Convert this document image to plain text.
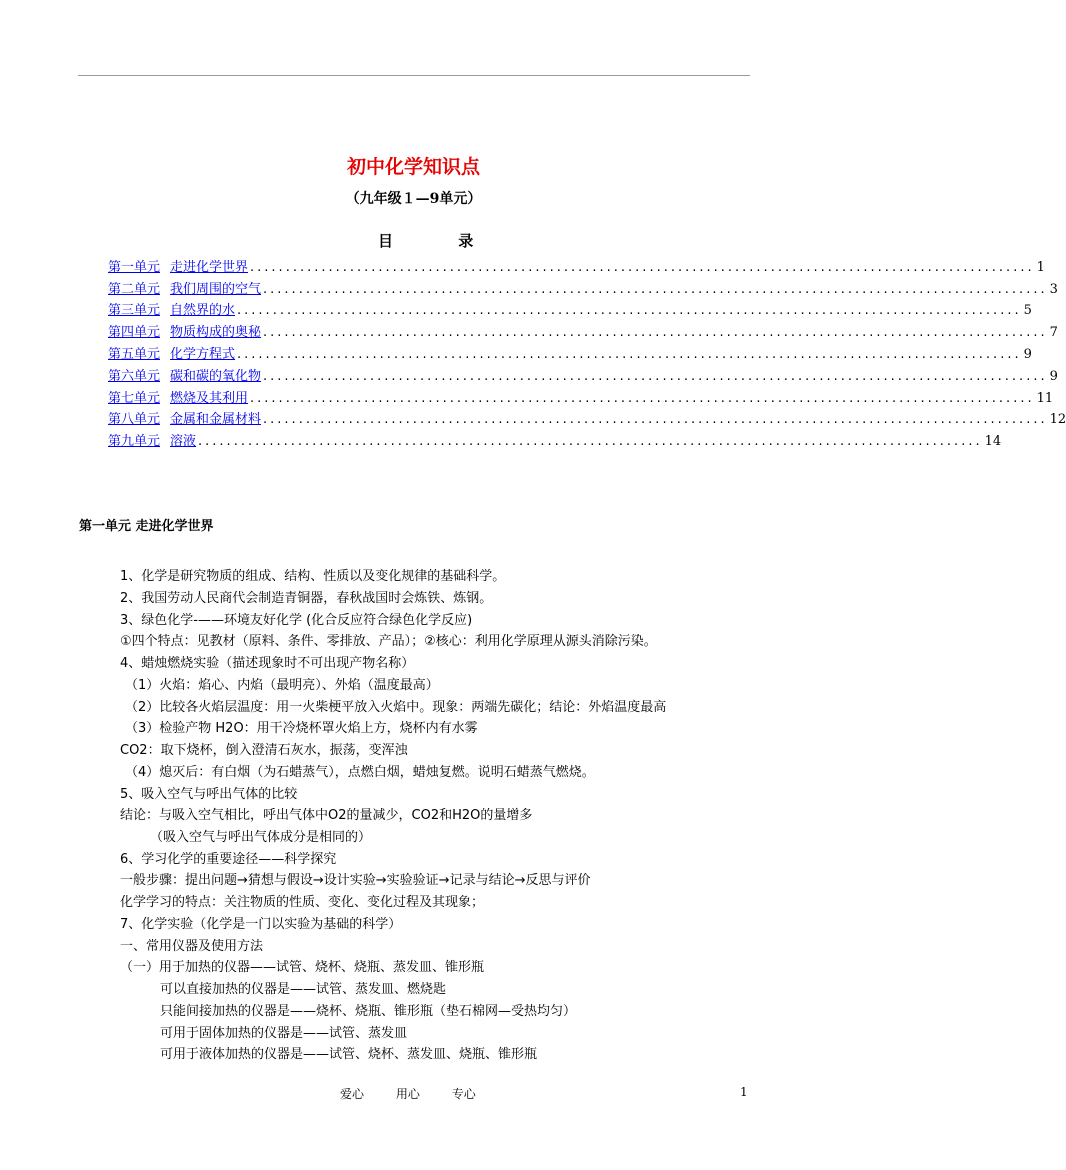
初中化学知识点
（九年级１—9单元）
目 录
第一单元 走进化学世界 .............................................................................................................. 1
第二单元 我们周围的空气 .............................................................................................................. 3
第三单元 自然界的水 .............................................................................................................. 5
第四单元 物质构成的奥秘 .............................................................................................................. 7
第五单元 化学方程式 .............................................................................................................. 9
第六单元 碳和碳的氧化物 .............................................................................................................. 9
第七单元 燃烧及其利用 .............................................................................................................. 11
第八单元 金属和金属材料 .............................................................................................................. 12
第九单元 溶液 .............................................................................................................. 14
第一单元 走进化学世界
1、化学是研究物质的组成、结构、性质以及变化规律的基础科学。
2、我国劳动人民商代会制造青铜器，春秋战国时会炼铁、炼钢。
3、绿色化学-——环境友好化学 (化合反应符合绿色化学反应)
①四个特点：见教材（原料、条件、零排放、产品）；②核心：利用化学原理从源头消除污染。
4、蜡烛燃烧实验（描述现象时不可出现产物名称）
（1）火焰：焰心、内焰（最明亮）、外焰（温度最高）
（2）比较各火焰层温度：用一火柴梗平放入火焰中。现象：两端先碳化；结论：外焰温度最高
（3）检验产物 H2O：用干冷烧杯罩火焰上方，烧杯内有水雾
CO2：取下烧杯，倒入澄清石灰水，振荡，变浑浊
（4）熄灭后：有白烟（为石蜡蒸气），点燃白烟，蜡烛复燃。说明石蜡蒸气燃烧。
5、吸入空气与呼出气体的比较
结论：与吸入空气相比，呼出气体中O2的量减少，CO2和H2O的量增多
（吸入空气与呼出气体成分是相同的）
6、学习化学的重要途径——科学探究
一般步骤：提出问题→猜想与假设→设计实验→实验验证→记录与结论→反思与评价
化学学习的特点：关注物质的性质、变化、变化过程及其现象；
7、化学实验（化学是一门以实验为基础的科学）
一、常用仪器及使用方法
（一）用于加热的仪器——试管、烧杯、烧瓶、蒸发皿、锥形瓶
可以直接加热的仪器是——试管、蒸发皿、燃烧匙
只能间接加热的仪器是——烧杯、烧瓶、锥形瓶（垫石棉网—受热均匀）
可用于固体加热的仪器是——试管、蒸发皿
可用于液体加热的仪器是——试管、烧杯、蒸发皿、烧瓶、锥形瓶
爱心	用心	专心	1
